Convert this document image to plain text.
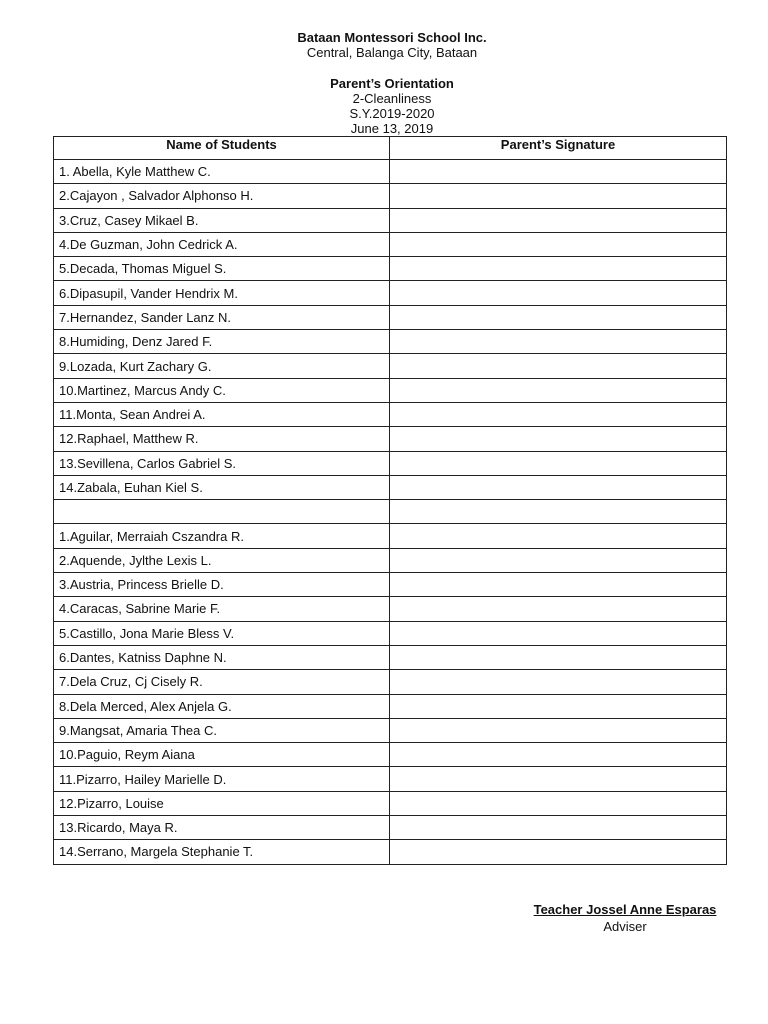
Bataan Montessori School Inc.
Central, Balanga City, Bataan
Parent’s Orientation
2-Cleanliness
S.Y.2019-2020
June 13, 2019
Name of Students	Parent’s Signature
1. Abella, Kyle Matthew C.	
2.Cajayon , Salvador Alphonso H.	
3.Cruz, Casey Mikael B.	
4.De Guzman, John Cedrick A.	
5.Decada, Thomas Miguel S.	
6.Dipasupil, Vander Hendrix M.	
7.Hernandez, Sander Lanz N.	
8.Humiding, Denz Jared F.	
9.Lozada, Kurt Zachary G.	
10.Martinez, Marcus Andy C.	
11.Monta, Sean Andrei A.	
12.Raphael, Matthew R.	
13.Sevillena, Carlos Gabriel S.	
14.Zabala, Euhan Kiel S.	

1.Aguilar, Merraiah Cszandra R.	
2.Aquende, Jylthe Lexis L.	
3.Austria, Princess Brielle D.	
4.Caracas, Sabrine Marie F.	
5.Castillo, Jona Marie Bless V.	
6.Dantes, Katniss Daphne N.	
7.Dela Cruz, Cj Cisely R.	
8.Dela Merced, Alex Anjela G.	
9.Mangsat, Amaria Thea C.	
10.Paguio, Reym Aiana	
11.Pizarro, Hailey Marielle D.	
12.Pizarro, Louise	
13.Ricardo, Maya R.	
14.Serrano, Margela Stephanie T.	
Teacher Jossel Anne Esparas
Adviser
